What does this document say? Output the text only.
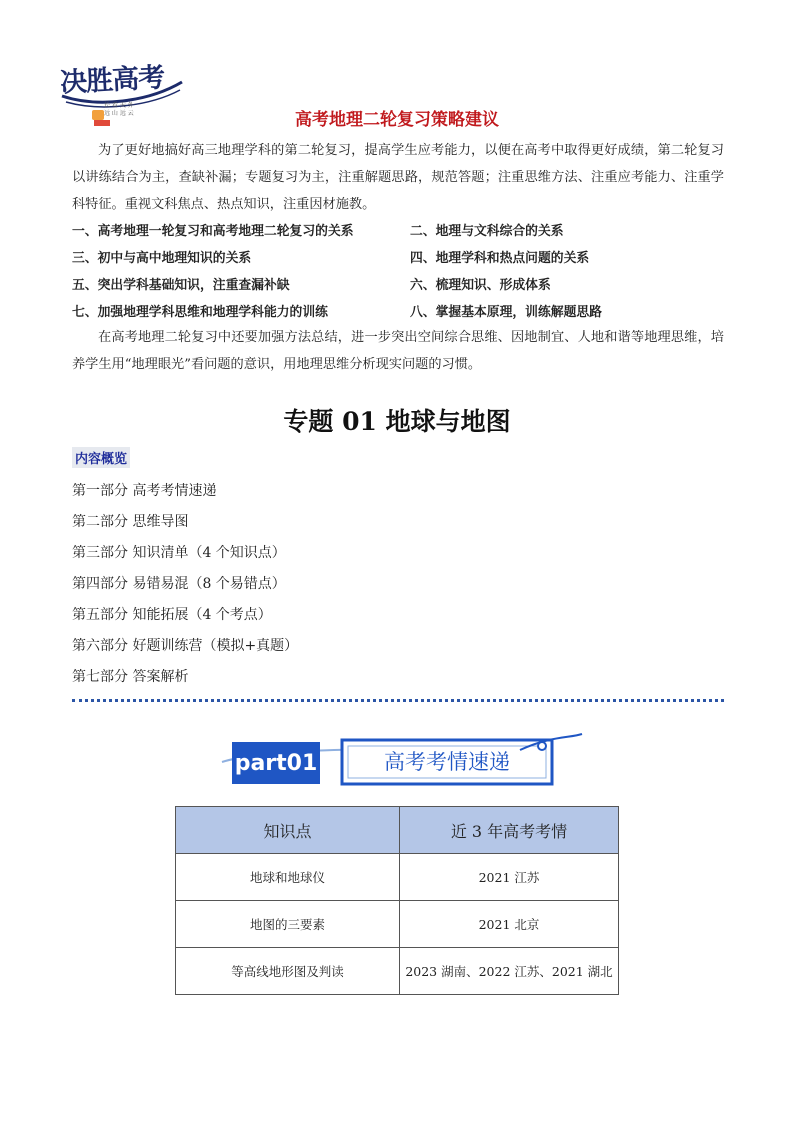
决胜高考
长 看 天 外
远 山 远 云	高考地理二轮复习策略建议

为了更好地搞好高三地理学科的第二轮复习，提高学生应考能力，以便在高考中取得更好成绩，第二轮复习以讲练结合为主，查缺补漏；专题复习为主，注重解题思路，规范答题；注重思维方法、注重应考能力、注重学科特征。重视文科焦点、热点知识，注重因材施教。

一、高考地理一轮复习和高考地理二轮复习的关系	二、地理与文科综合的关系
三、初中与高中地理知识的关系	四、地理学科和热点问题的关系
五、突出学科基础知识，注重查漏补缺	六、梳理知识、形成体系
七、加强地理学科思维和地理学科能力的训练	八、掌握基本原理，训练解题思路

在高考地理二轮复习中还要加强方法总结，进一步突出空间综合思维、因地制宜、人地和谐等地理思维，培养学生用“地理眼光”看问题的意识，用地理思维分析现实问题的习惯。

专题 01 地球与地图
内容概览
第一部分 高考考情速递
第二部分 思维导图
第三部分 知识清单（4 个知识点）
第四部分 易错易混（8 个易错点）
第五部分 知能拓展（4 个考点）
第六部分 好题训练营（模拟+真题）
第七部分 答案解析
part01	高考考情速递
知识点	近 3 年高考考情
地球和地球仪	2021 江苏
地图的三要素	2021 北京
等高线地形图及判读	2023 湖南、2022 江苏、2021 湖北
